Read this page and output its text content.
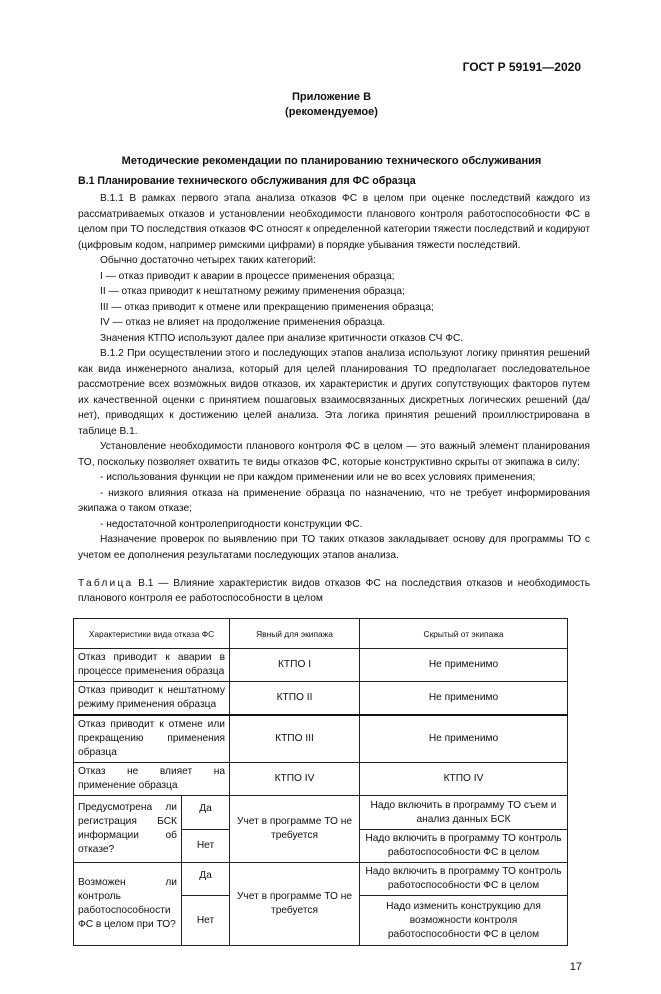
ГОСТ Р 59191—2020
Приложение В
(рекомендуемое)
Методические рекомендации по планированию технического обслуживания
В.1 Планирование технического обслуживания для ФС образца

В.1.1 В рамках первого этапа анализа отказов ФС в целом при оценке последствий каждого из рассматриваемых отказов и установлении необходимости планового контроля работоспособности ФС в целом при ТО последствия отказов ФС относят к определенной категории тяжести последствий и кодируют (цифровым кодом, например римскими цифрами) в порядке убывания тяжести последствий.

Обычно достаточно четырех таких категорий:

I — отказ приводит к аварии в процессе применения образца;

II — отказ приводит к нештатному режиму применения образца;

III — отказ приводит к отмене или прекращению применения образца;

IV — отказ не влияет на продолжение применения образца.

Значения КТПО используют далее при анализе критичности отказов СЧ ФС.

В.1.2 При осуществлении этого и последующих этапов анализа используют логику принятия решений как вида инженерного анализа, который для целей планирования ТО предполагает последовательное рассмотрение всех возможных видов отказов, их характеристик и других сопутствующих факторов путем их качественной оценки с принятием пошаговых взаимосвязанных дискретных логических решений (да/нет), приводящих к достижению целей анализа. Эта логика принятия решений проиллюстрирована в таблице В.1.

Установление необходимости планового контроля ФС в целом — это важный элемент планирования ТО, поскольку позволяет охватить те виды отказов ФС, которые конструктивно скрыты от экипажа в силу:

- использования функции не при каждом применении или не во всех условиях применения;

- низкого влияния отказа на применение образца по назначению, что не требует информирования экипажа о таком отказе;

- недостаточной контролепригодности конструкции ФС.

Назначение проверок по выявлению при ТО таких отказов закладывает основу для программы ТО с учетом ее дополнения результатами последующих этапов анализа.

Таблица В.1 — Влияние характеристик видов отказов ФС на последствия отказов и необходимость планового контроля ее работоспособности в целом
Характеристики вида отказа ФС		Явный для экипажа	Скрытый от экипажа
Отказ приводит к аварии в процессе применения образца		КТПО I	Не применимо
Отказ приводит к нештатному режиму применения образца		КТПО II	Не применимо
Отказ приводит к отмене или прекращению применения образца		КТПО III	Не применимо
Отказ не влияет на применение образца		КТПО IV	КТПО IV
Предусмотрена ли регистрация БСК информации об отказе?	Да	Учет в программе ТО не требуется	Надо включить в программу ТО съем и анализ данных БСК
	Нет		Надо включить в программу ТО контроль работоспособности ФС в целом
Возможен ли контроль работоспособности ФС в целом при ТО?	Да	Учет в программе ТО не требуется	Надо включить в программу ТО контроль работоспособности ФС в целом
	Нет		Надо изменить конструкцию для возможности контроля работоспособности ФС в целом
17
